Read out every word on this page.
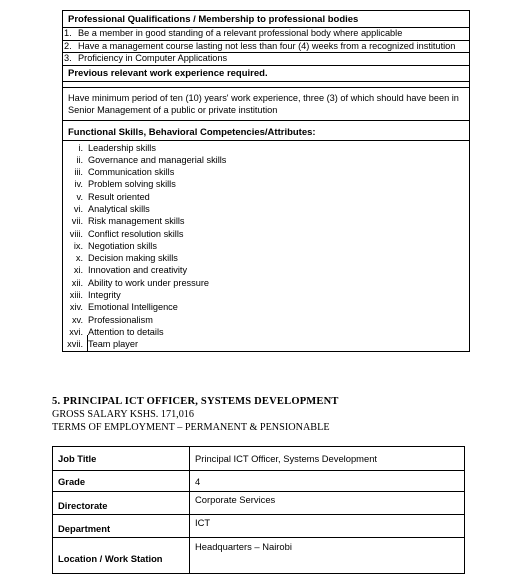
Professional Qualifications / Membership to professional bodies
1. Be a member in good standing of a relevant professional body where applicable
2. Have a management course lasting not less than four (4) weeks from a recognized institution
3. Proficiency in Computer Applications
Previous relevant work experience required.
Have minimum period of ten (10) years' work experience, three (3) of which should have been in Senior Management of a public or private institution
Functional Skills, Behavioral Competencies/Attributes:
i. Leadership skills
ii. Governance and managerial skills
iii. Communication skills
iv. Problem solving skills
v. Result oriented
vi. Analytical skills
vii. Risk management skills
viii. Conflict resolution skills
ix. Negotiation skills
x. Decision making skills
xi. Innovation and creativity
xii. Ability to work under pressure
xiii. Integrity
xiv. Emotional Intelligence
xv. Professionalism
xvi. Attention to details
xvii. Team player
5. PRINCIPAL ICT OFFICER, SYSTEMS DEVELOPMENT
GROSS SALARY KSHS. 171,016
TERMS OF EMPLOYMENT – PERMANENT & PENSIONABLE
Job Title	Principal ICT Officer, Systems Development
Grade	4
Directorate	Corporate Services
Department	ICT
Location / Work Station	Headquarters – Nairobi
